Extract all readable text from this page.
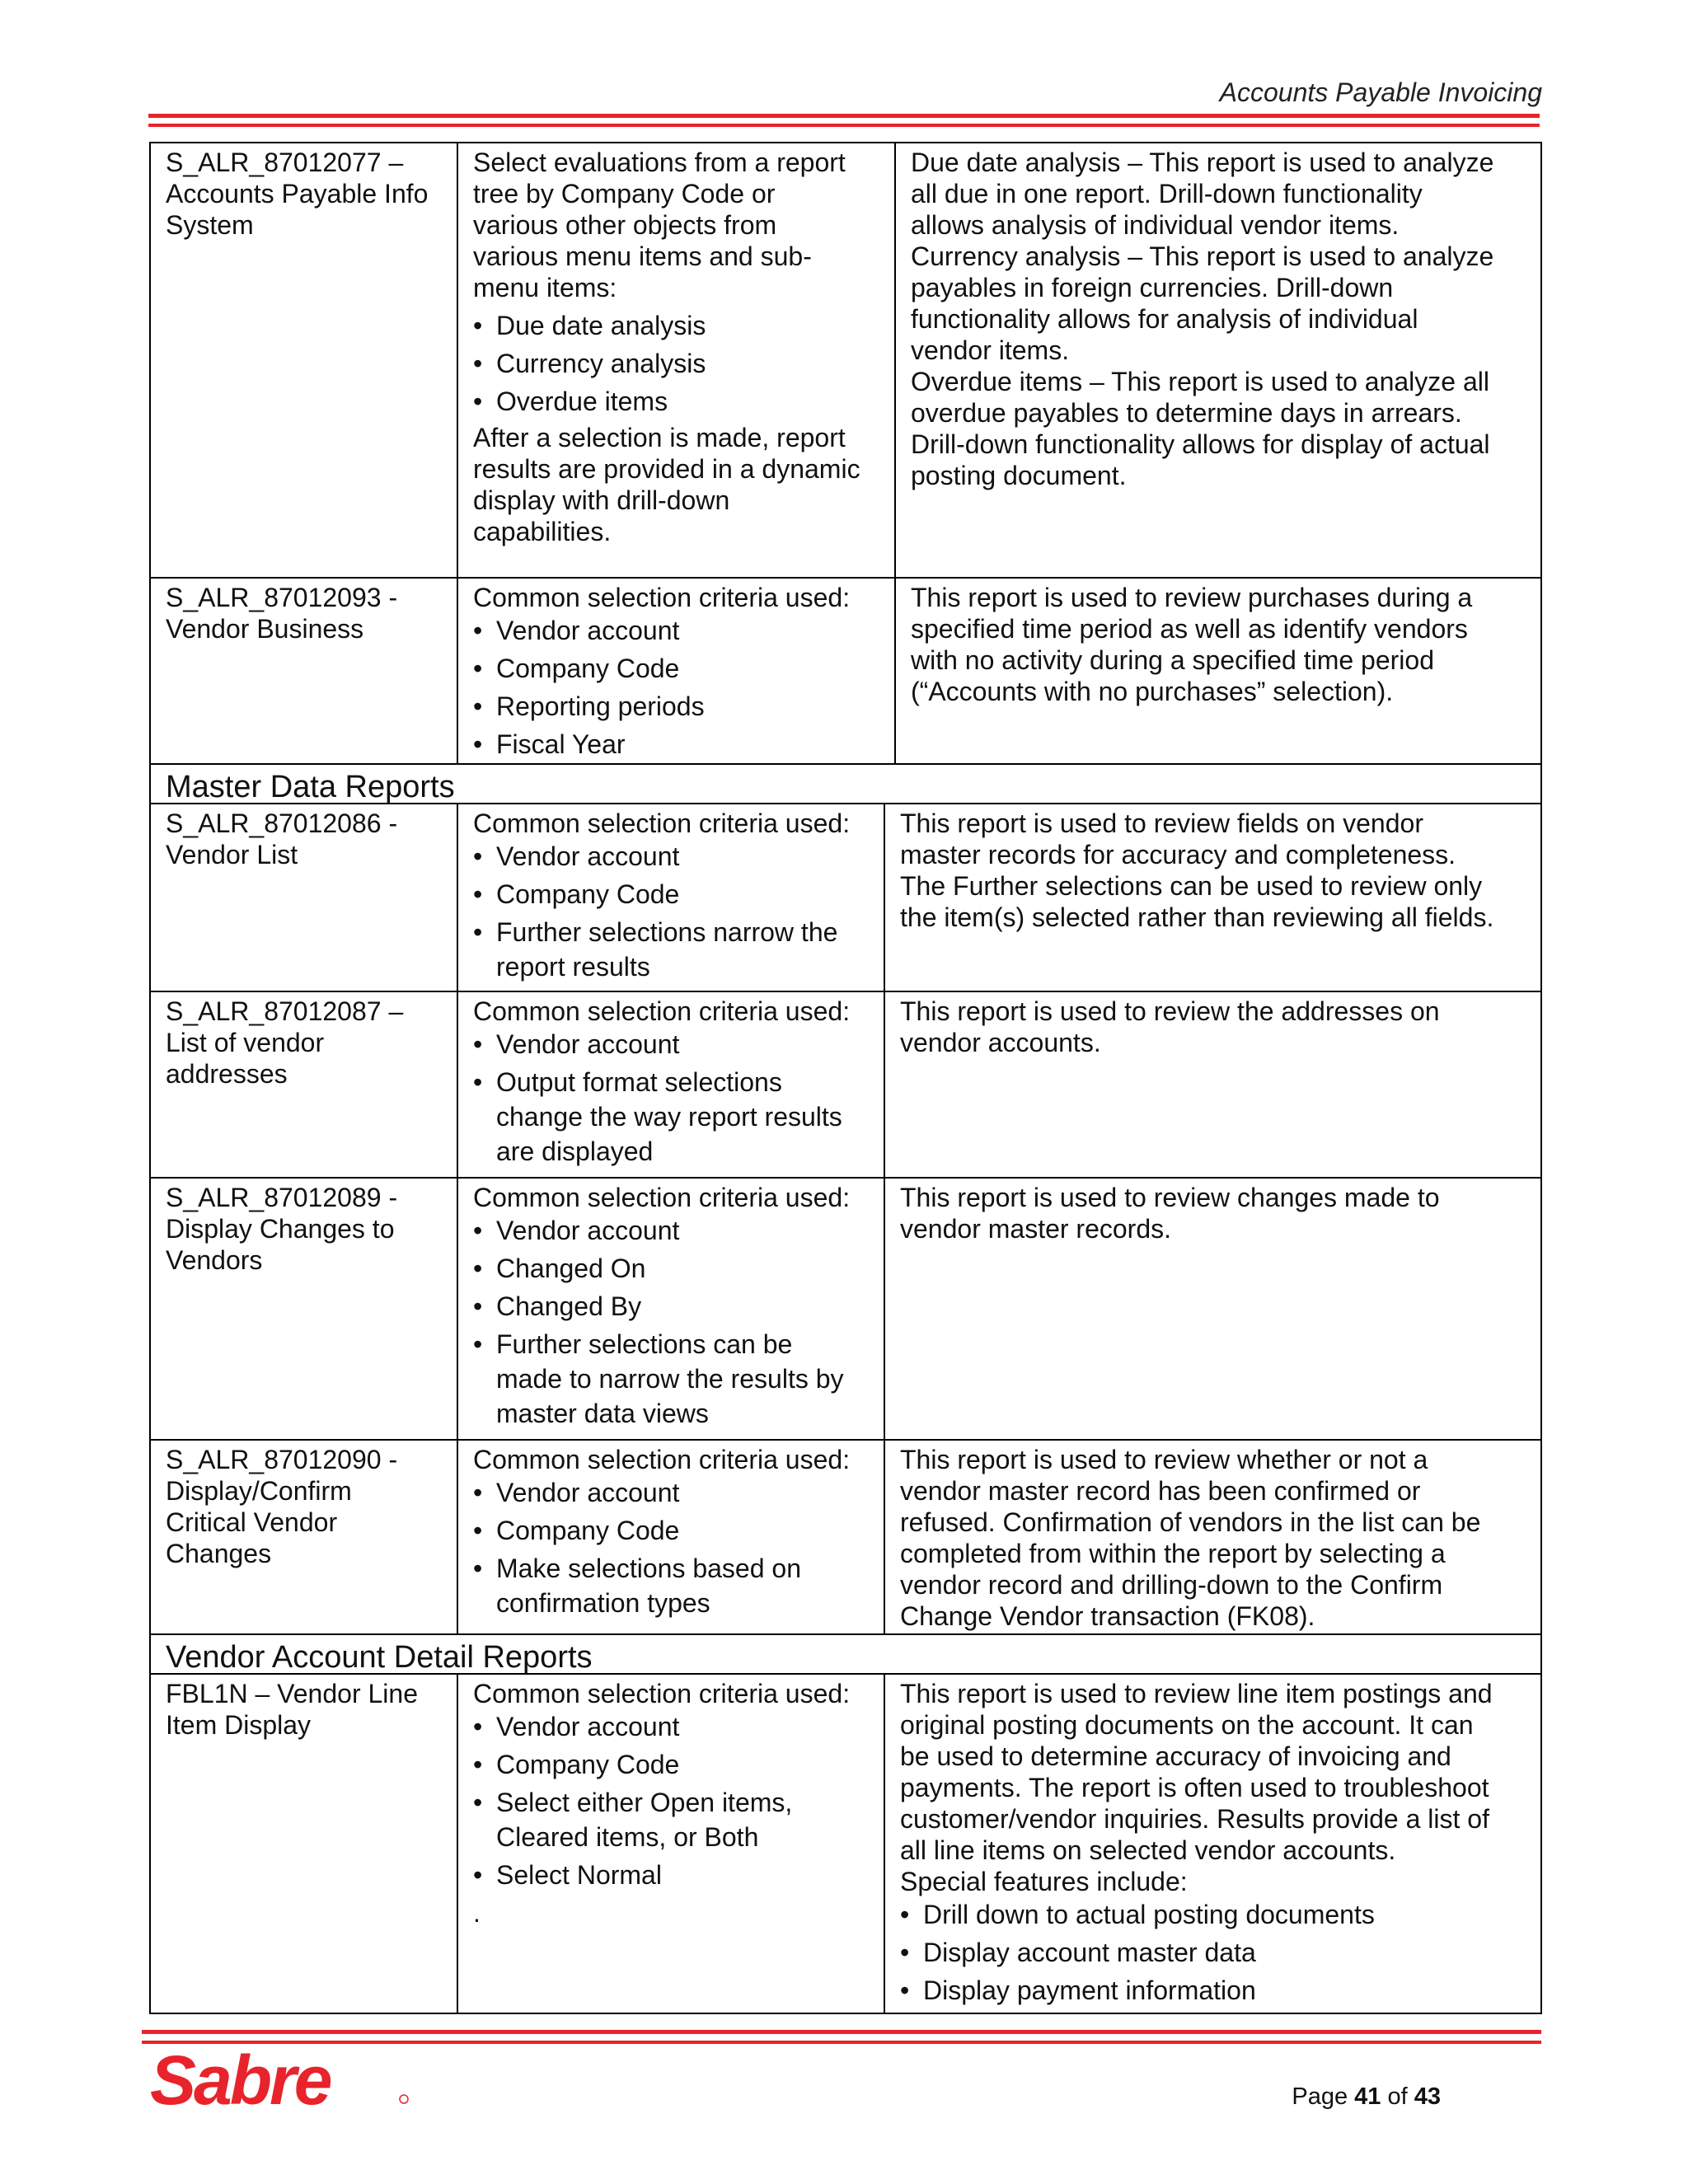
Accounts Payable Invoicing
S_ALR_87012077 –
Accounts Payable Info
System
Select evaluations from a report
tree by Company Code or
various other objects from
various menu items and sub-
menu items:
• Due date analysis
• Currency analysis
• Overdue items
After a selection is made, report
results are provided in a dynamic
display with drill-down
capabilities.
Due date analysis – This report is used to analyze
all due in one report. Drill-down functionality
allows analysis of individual vendor items.
Currency analysis – This report is used to analyze
payables in foreign currencies. Drill-down
functionality allows for analysis of individual
vendor items.
Overdue items – This report is used to analyze all
overdue payables to determine days in arrears.
Drill-down functionality allows for display of actual
posting document.
S_ALR_87012093 -
Vendor Business
Common selection criteria used:
• Vendor account
• Company Code
• Reporting periods
• Fiscal Year
This report is used to review purchases during a
specified time period as well as identify vendors
with no activity during a specified time period
(“Accounts with no purchases” selection).
Master Data Reports
S_ALR_87012086 -
Vendor List
Common selection criteria used:
• Vendor account
• Company Code
• Further selections narrow the
report results
This report is used to review fields on vendor
master records for accuracy and completeness.
The Further selections can be used to review only
the item(s) selected rather than reviewing all fields.
S_ALR_87012087 –
List of vendor
addresses
Common selection criteria used:
• Vendor account
• Output format selections
change the way report results
are displayed
This report is used to review the addresses on
vendor accounts.
S_ALR_87012089 -
Display Changes to
Vendors
Common selection criteria used:
• Vendor account
• Changed On
• Changed By
• Further selections can be
made to narrow the results by
master data views
This report is used to review changes made to
vendor master records.
S_ALR_87012090 -
Display/Confirm
Critical Vendor
Changes
Common selection criteria used:
• Vendor account
• Company Code
• Make selections based on
confirmation types
This report is used to review whether or not a
vendor master record has been confirmed or
refused. Confirmation of vendors in the list can be
completed from within the report by selecting a
vendor record and drilling-down to the Confirm
Change Vendor transaction (FK08).
Vendor Account Detail Reports
FBL1N – Vendor Line
Item Display
Common selection criteria used:
• Vendor account
• Company Code
• Select either Open items,
Cleared items, or Both
• Select Normal
.
This report is used to review line item postings and
original posting documents on the account. It can
be used to determine accuracy of invoicing and
payments. The report is often used to troubleshoot
customer/vendor inquiries. Results provide a list of
all line items on selected vendor accounts.
Special features include:
• Drill down to actual posting documents
• Display account master data
• Display payment information
Sabre	Page 41 of 43
